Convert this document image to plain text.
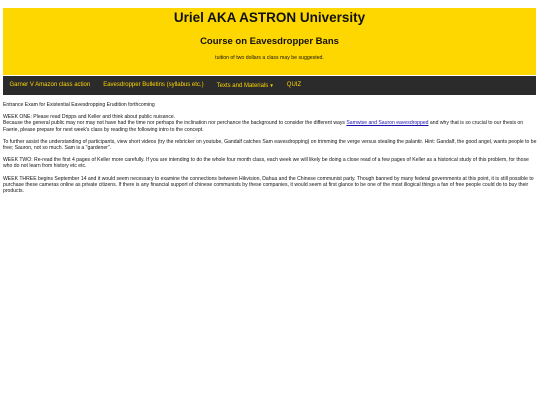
Uriel AKA ASTRON University
Course on Eavesdropper Bans

tuition of two dollars a class may be suggested.

Garner V Amazon class action	Eavesdropper Bulletins (syllabus etc.)	Texts and Materials▼	QUIZ

Entrance Exam for Existential Eavesdropping Erudition forthcoming

WEEK ONE: Please read Dripps and Keller and think about public nuisance.
Because the general public may nor may not have had the time nor perhaps the inclination nor perchance the background to consider the different ways Samwise and Sauron eavesdropped and why that is so crucial to our thesis on Faerie, please prepare for next week's class by reading the following intro to the concept.

To further assist the understanding of participants, view short videos (try the rebricker on youtube, Gandalf catches Sam eavesdropping) on trimming the verge versus stealing the palantir. Hint: Gandalf, the good angel, wants people to be free; Sauron, not so much. Sam is a "gardener".

WEEK TWO: Re-read the first 4 pages of Keller more carefully. If you are intending to do the whole four month class, each week we will likely be doing a close read of a few pages of Keller as a historical study of this problem, for those who do not learn from history etc etc.

WEEK THREE begins September 14 and it would seem necessary to examine the connections between Hikvision, Dahua and the Chinese communist party. Though banned by many federal governments at this point, it is still possible to purchase these cameras online as private citizens. If there is any financial support of chinese communists by these companies, it would seem at first glance to be one of the most illogical things a fan of free people could do to buy their products.
